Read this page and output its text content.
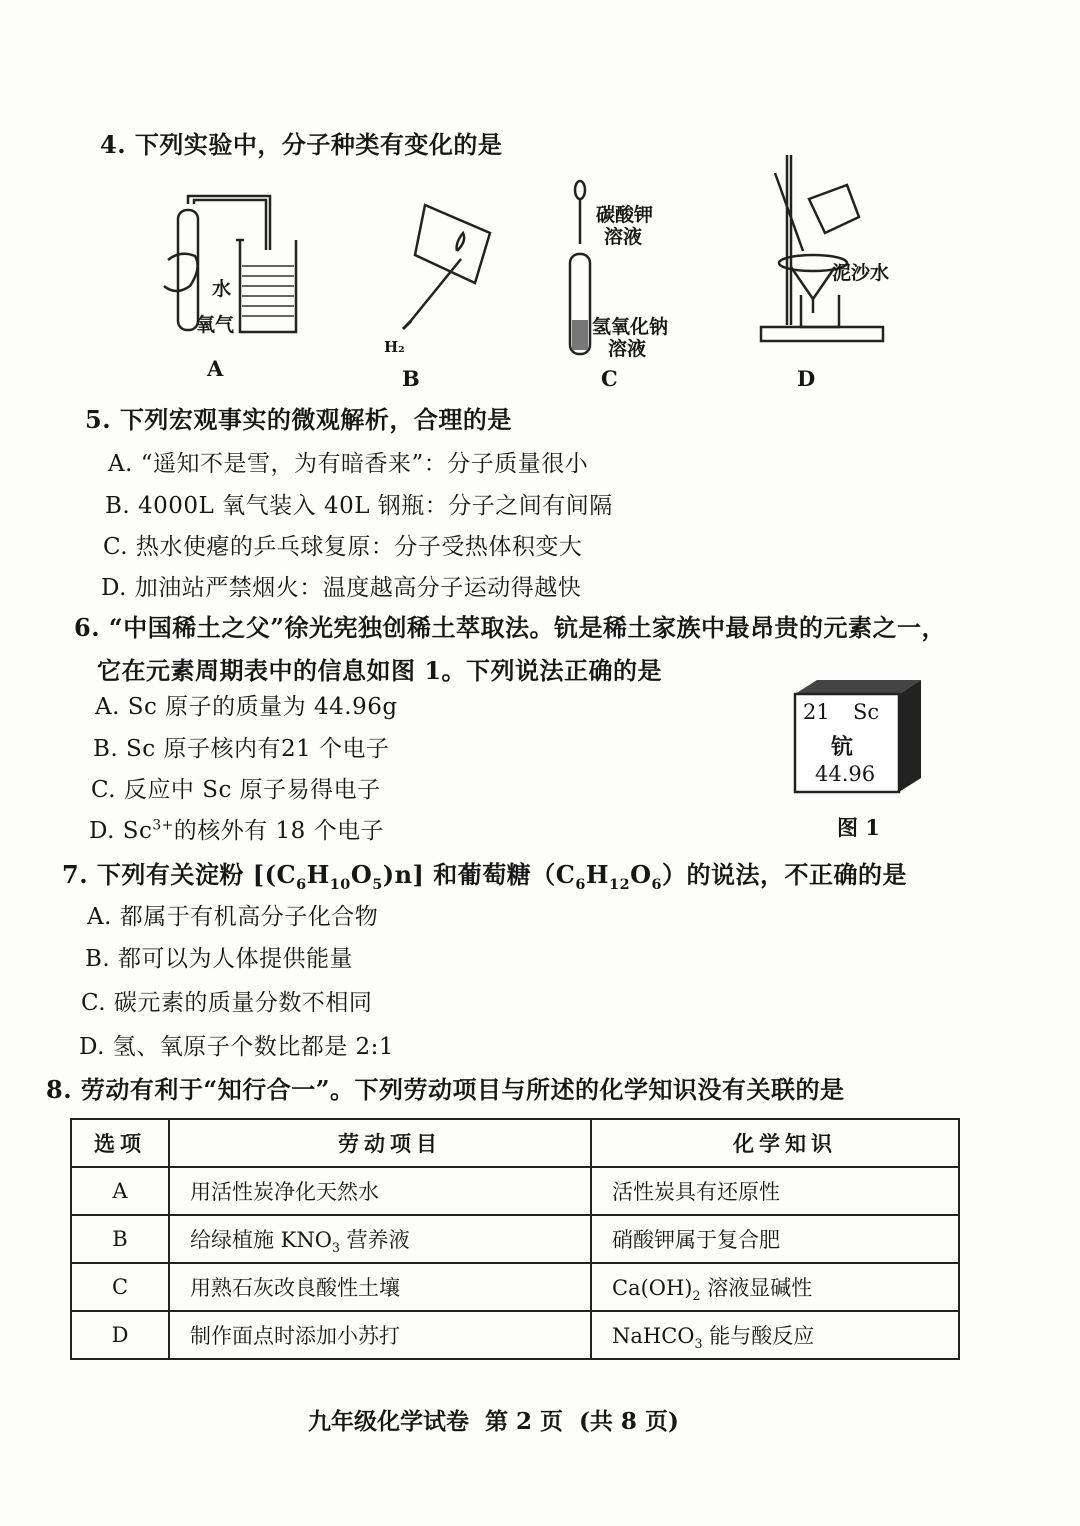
4. 下列实验中，分子种类有变化的是
水
氧气
A
H₂
B
碳酸钾
溶液
氢氧化钠
溶液
C
泥沙水
D
5. 下列宏观事实的微观解析，合理的是
A. “遥知不是雪，为有暗香来”：分子质量很小
B. 4000L 氧气装入 40L 钢瓶：分子之间有间隔
C. 热水使瘪的乒乓球复原：分子受热体积变大
D. 加油站严禁烟火：温度越高分子运动得越快
6. “中国稀土之父”徐光宪独创稀土萃取法。钪是稀土家族中最昂贵的元素之一，
它在元素周期表中的信息如图 1。下列说法正确的是
A. Sc 原子的质量为 44.96g
B. Sc 原子核内有21 个电子
C. 反应中 Sc 原子易得电子
D. $Sc^{3+}$的核外有 18 个电子
21 Sc
钪
44.96
图 1
7. 下列有关淀粉 $[(C_6H_{10}O_5)n]$ 和葡萄糖$(C_6H_{12}O_6)$的说法，不正确的是
A. 都属于有机高分子化合物
B. 都可以为人体提供能量
C. 碳元素的质量分数不相同
D. 氢、氧原子个数比都是 2:1
8. 劳动有利于“知行合一”。下列劳动项目与所述的化学知识没有关联的是
选项	劳动项目	化学知识
A	用活性炭净化天然水	活性炭具有还原性
B	给绿植施 $KNO_3$ 营养液	硝酸钾属于复合肥
C	用熟石灰改良酸性土壤	$Ca(OH)_2$ 溶液显碱性
D	制作面点时添加小苏打	NaHCO$_3$ 能与酸反应
九年级化学试卷  第 2 页  (共 8 页)
